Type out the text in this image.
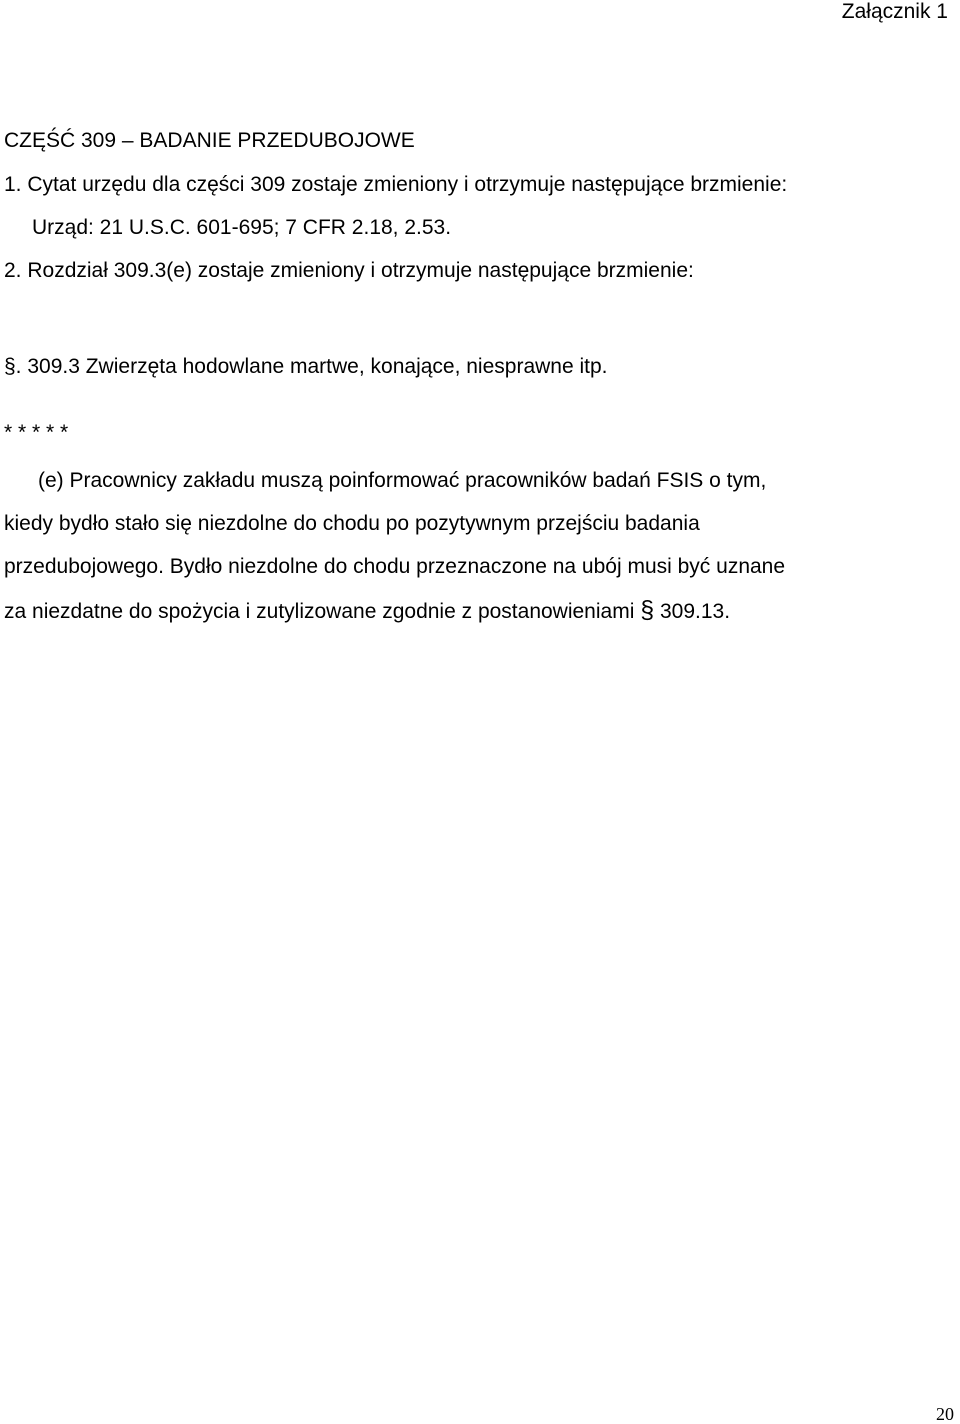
Załącznik 1
CZĘŚĆ 309 – BADANIE PRZEDUBOJOWE
1. Cytat urzędu dla części 309 zostaje zmieniony i otrzymuje następujące brzmienie:
Urząd: 21 U.S.C. 601-695; 7 CFR 2.18, 2.53.
2. Rozdział 309.3(e) zostaje zmieniony i otrzymuje następujące brzmienie:
§. 309.3 Zwierzęta hodowlane martwe, konające, niesprawne itp.
* * * * *
(e) Pracownicy zakładu muszą poinformować pracowników badań FSIS o tym,
kiedy bydło stało się niezdolne do chodu po pozytywnym przejściu badania
przedubojowego. Bydło niezdolne do chodu przeznaczone na ubój musi być uznane
za niezdatne do spożycia i zutylizowane zgodnie z postanowieniami § 309.13.
20
